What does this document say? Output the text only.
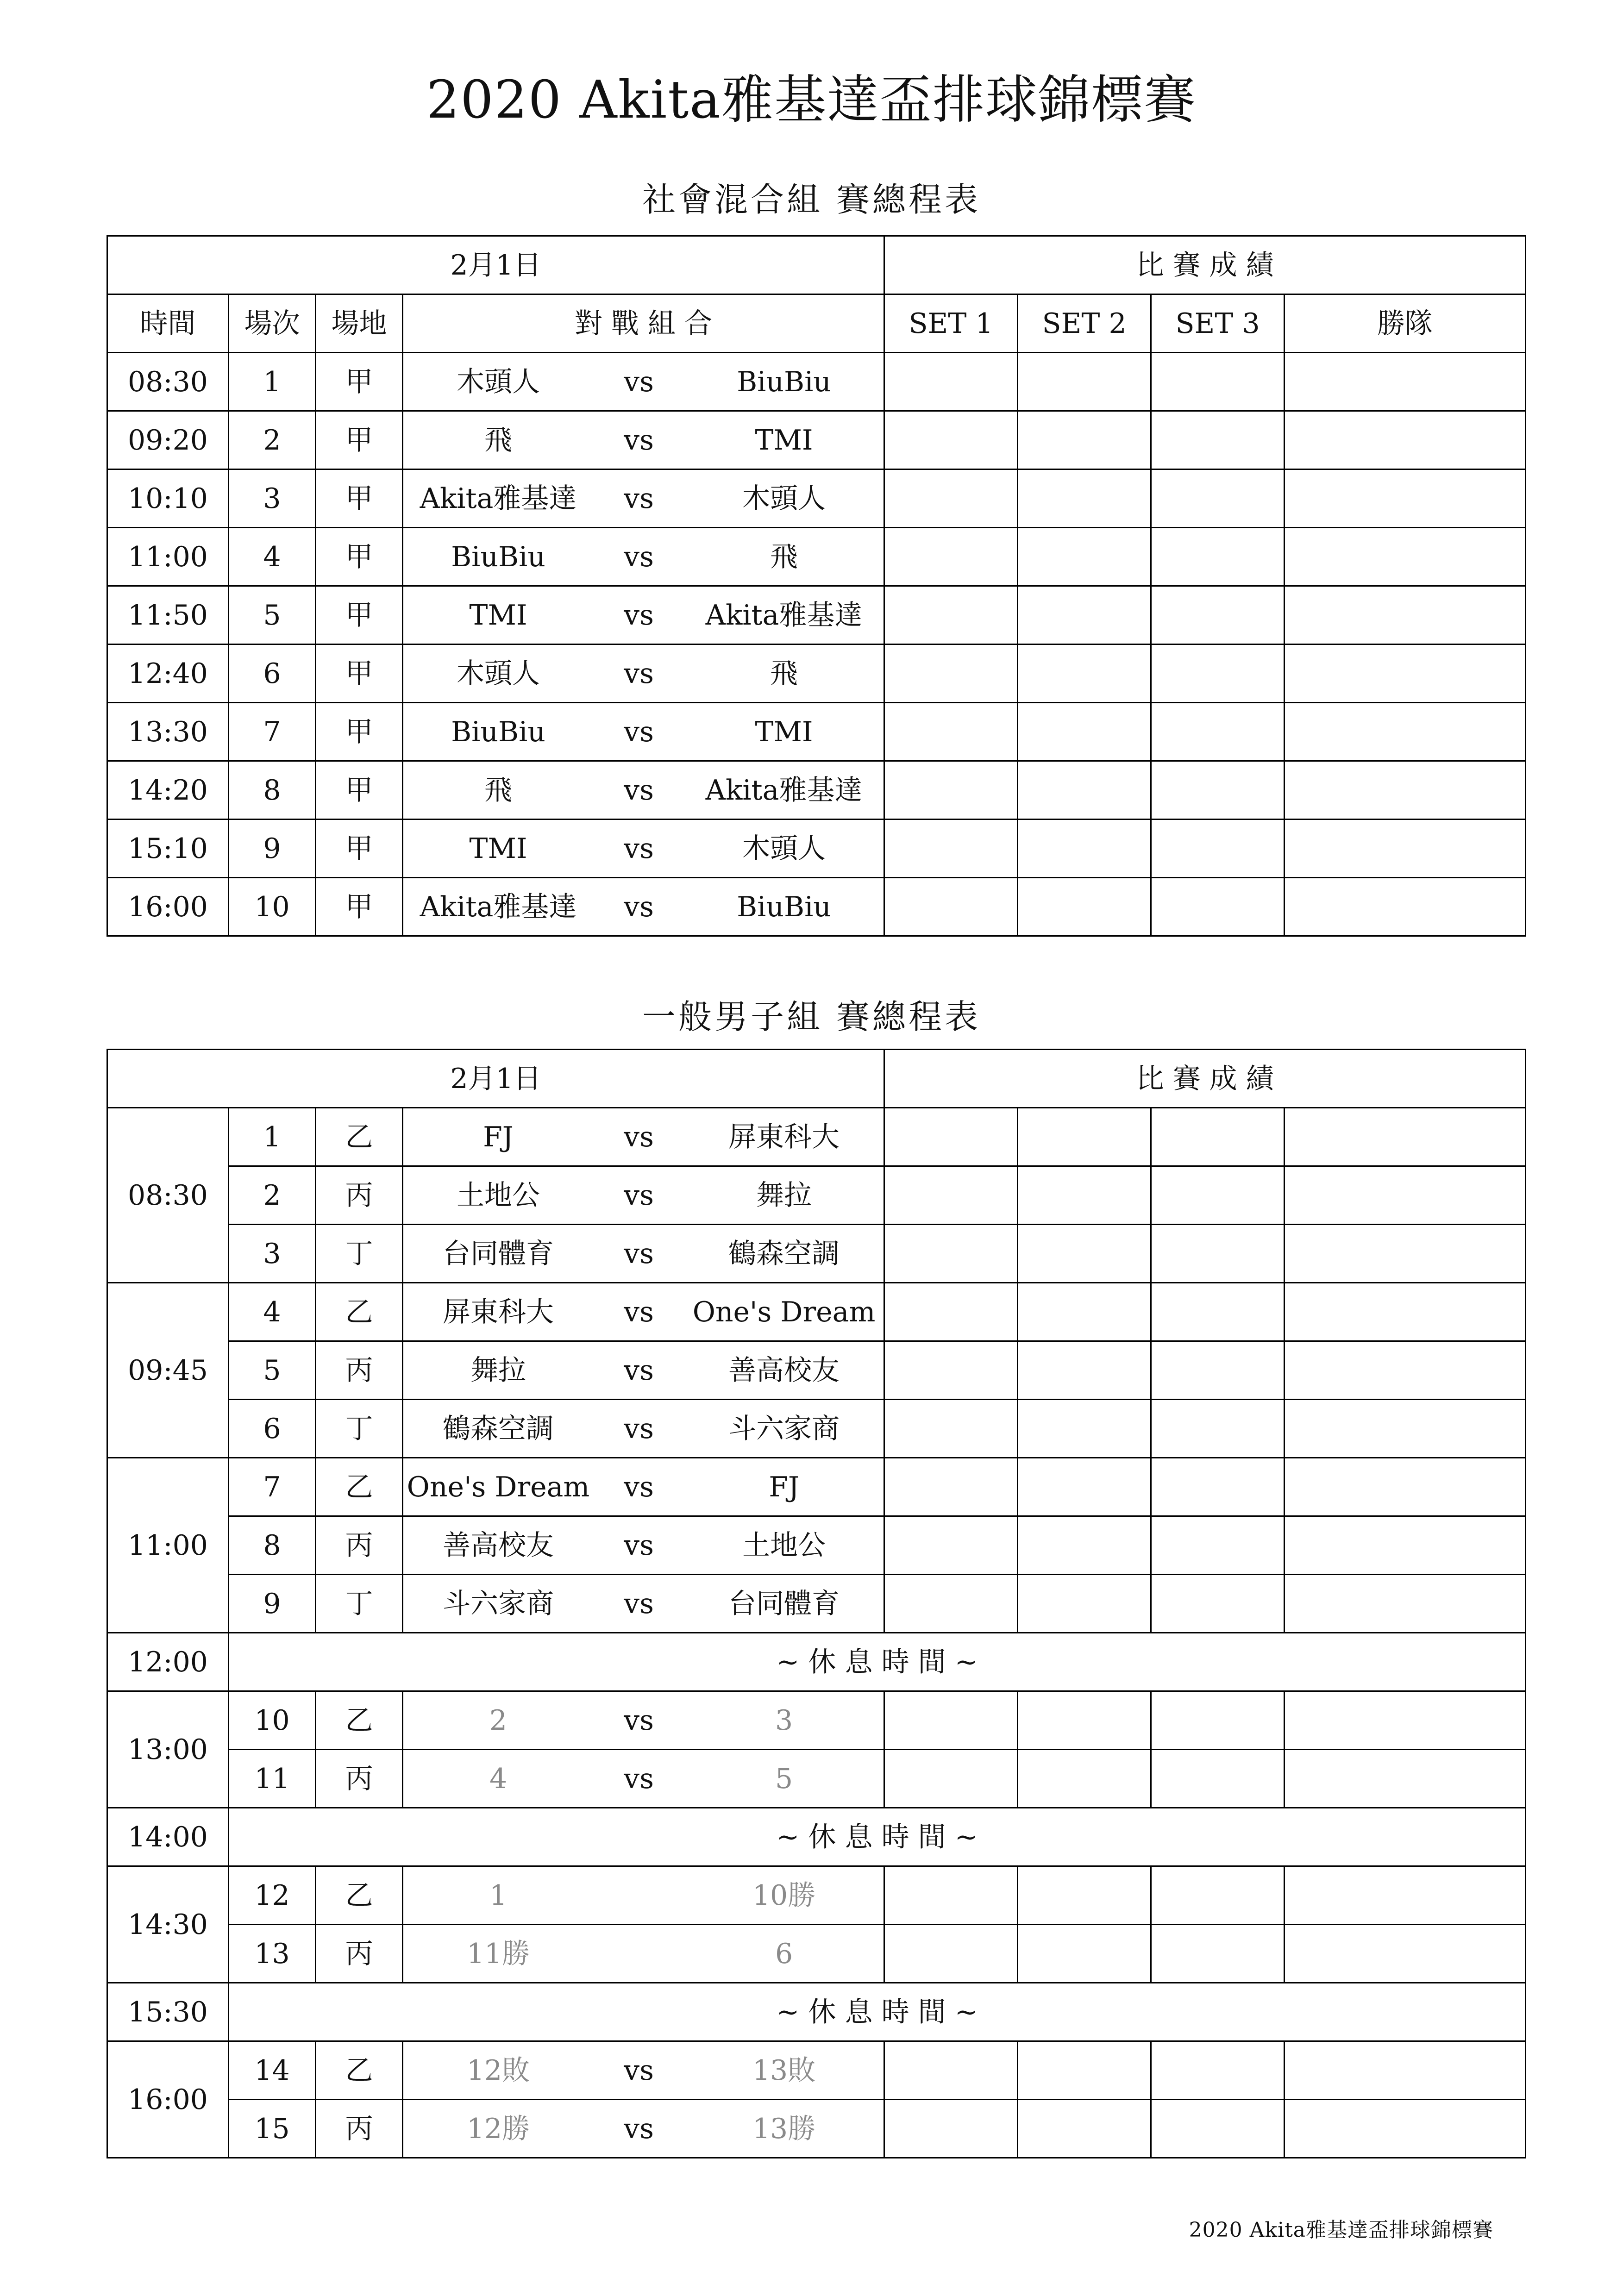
2020 Akita雅基達盃排球錦標賽
社會混合組 賽總程表
2月1日				比 賽 成 績			
時間	場次	場地	對 戰 組 合	SET 1	SET 2	SET 3	勝隊
08:30	1	甲	木頭人 vs BiuBiu				

09:20	2	甲	飛 vs TMI				

10:10	3	甲	Akita雅基達 vs 木頭人				

11:00	4	甲	BiuBiu vs 飛				

11:50	5	甲	TMI vs Akita雅基達				

12:40	6	甲	木頭人 vs 飛				

13:30	7	甲	BiuBiu vs TMI				

14:20	8	甲	飛 vs Akita雅基達				

15:10	9	甲	TMI vs 木頭人				

16:00	10	甲	Akita雅基達 vs BiuBiu				

一般男子組 賽總程表
2月1日				比 賽 成 績			
08:30	1	乙	FJ vs 屏東科大				

	2	丙	土地公 vs 舞拉				

	3	丁	台同體育 vs 鶴森空調				

09:45	4	乙	屏東科大 vs One's Dream				

	5	丙	舞拉 vs 善高校友				

	6	丁	鶴森空調 vs 斗六家商				

11:00	7	乙	One's Dream vs FJ				

	8	丙	善高校友 vs 土地公				

	9	丁	斗六家商 vs 台同體育				

12:00	~ 休 息 時 間 ~						
13:00	10	乙	2 vs 3				

	11	丙	4 vs 5				

14:00	~ 休 息 時 間 ~						
14:30	12	乙	1 10勝				

	13	丙	11勝 6				

15:30	~ 休 息 時 間 ~						
16:00	14	乙	12敗 vs 13敗				

	15	丙	12勝 vs 13勝				

2020 Akita雅基達盃排球錦標賽
